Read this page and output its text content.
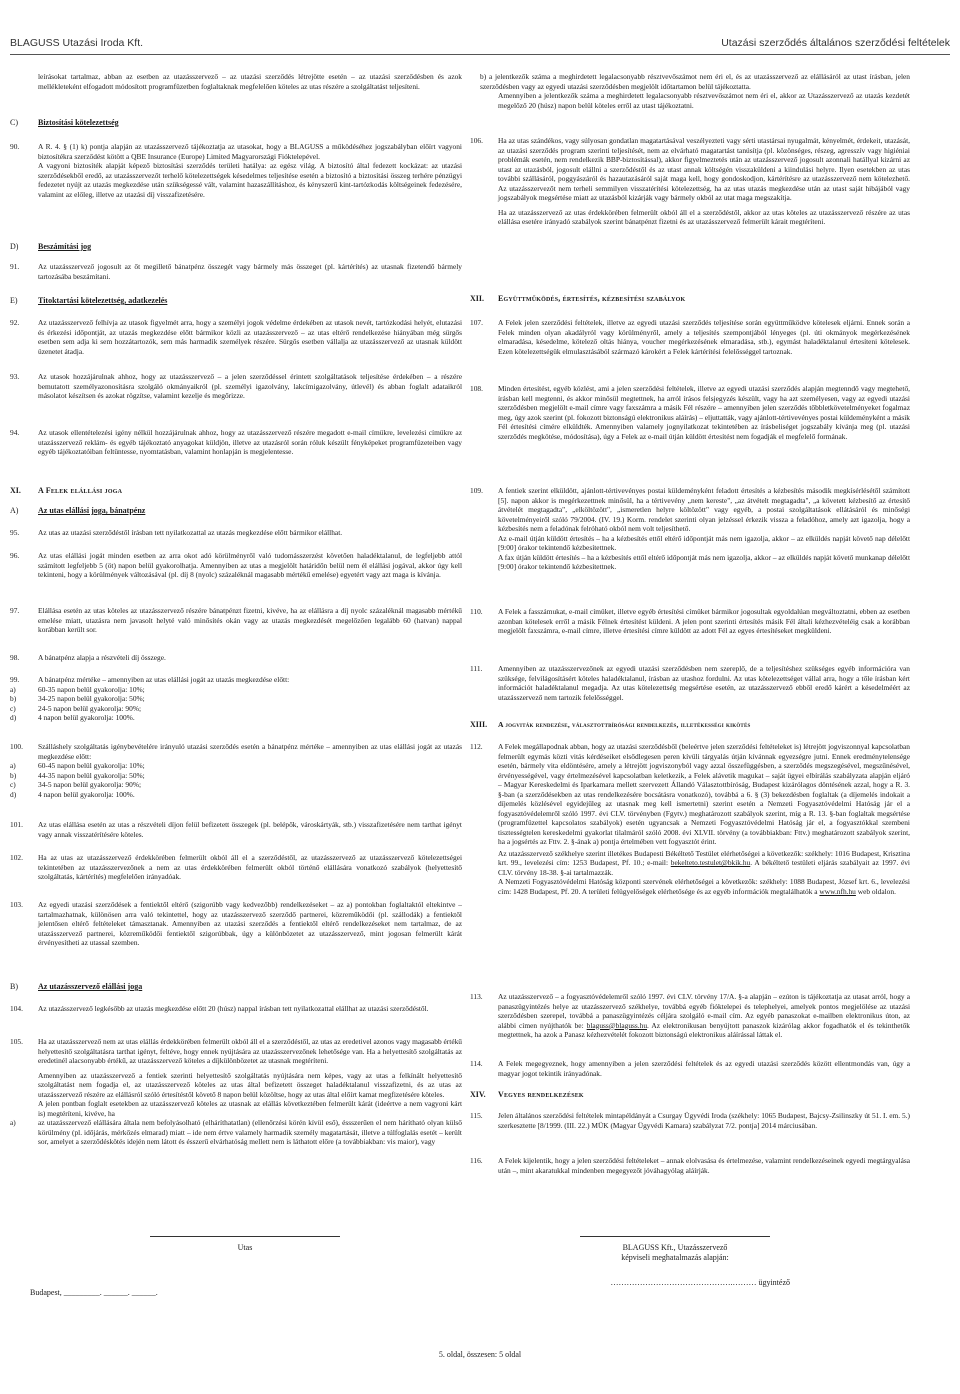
BLAGUSS Utazási Iroda Kft.	Utazási szerződés általános szerződési feltételek
leírásokat tartalmaz, abban az esetben az utazásszervező – az utazási szerződés létrejötte esetén – az utazási szerződésben és azok mellékleteként elfogadott módosított programfüzetben foglaltaknak megfelelően köteles az utas részére a szolgáltatást teljesíteni.
C)	Biztosítási kötelezettség
90.	A R. 4. § (1) k) pontja alapján az utazásszervező tájékoztatja az utasokat, hogy a BLAGUSS a működéséhez jogszabályban előírt vagyoni biztosítékra szerződést kötött a QBE Insurance (Europe) Limited Magyarországi Fióktelepével.
A vagyoni biztosíték alapját képező biztosítási szerződés területi hatálya: az egész világ. A biztosító által fedezett kockázat: az utazási szerződésekből eredő, az utazásszervezőt terhelő kötelezettségek késedelmes teljesítése esetén a biztosító a biztosítási összeg terhére pénzügyi fedezetet nyújt az utazás megkezdése után szükségessé vált, valamint hazaszállításhoz, és kényszerű kint-tartózkodás költségeinek fedezésére, valamint az előleg, illetve az utazási díj visszafizetésére.
D) Beszámítási jog
91.	Az utazásszervező jogosult az őt megillető bánatpénz összegét vagy bármely más összeget (pl. kártérítés) az utasnak fizetendő bármely tartozásába beszámítani.
E)	Titoktartási kötelezettség, adatkezelés
92.	Az utazásszervező felhívja az utasok figyelmét arra, hogy a személyi jogok védelme érdekében az utasok nevét, tartózkodási helyét, elutazási és érkezési időpontját, az utazás megkezdése előtt bármikor közli az utazásszervező – az utas eltérő rendelkezése hiányában még sürgős esetben sem adja ki sem hozzátartozók, sem más harmadik személyek részére. Sürgős esetben vállalja az utazásszervező az utasnak küldött üzenetet átadja.
93.	Az utasok hozzájárulnak ahhoz, hogy az utazásszervező – a jelen szerződéssel érintett szolgáltatások teljesítése érdekében – a részére bemutatott személyazonosításra szolgáló okmányaikról (pl. személyi igazolvány, lakcímigazolvány, útlevél) és abban foglalt adataikról másolatot készítsen és azokat rögzítse, valamint kezelje és megőrizze.
94.	Az utasok ellentételezési igény nélkül hozzájárulnak ahhoz, hogy az utazásszervező részére megadott e-mail címükre, levelezési címükre az utazásszervező reklám- és egyéb tájékoztató anyagokat küldjön, illetve az utazásról során róluk készült fényképeket programfüzeteiben vagy egyéb tájékoztatóiban feltüntesse, nyomtatásban, valamint honlapján is megjelentesse.
XI. A Felek elállási joga
A) Az utas elállási joga, bánatpénz
95.	Az utas az utazási szerződéstől írásban tett nyilatkozattal az utazás megkezdése előtt bármikor elállhat.
96.	Az utas elállási jogát minden esetben az arra okot adó körülményről való tudomásszerzést követően haladéktalanul, de legfeljebb attól számított legfeljebb 5 (öt) napon belül gyakorolhatja. Amennyiben az utas a megjelölt határidőn belül nem él elállási jogával, akkor úgy kell tekinteni, hogy a körülmények változásával (pl. díj 8 (nyolc) százaléknál magasabb mértékű emelése) egyetért vagy azt maga is kívánja.
97.	Elállása esetén az utas köteles az utazásszervező részére bánatpénzt fizetni, kivéve, ha az elállásra a díj nyolc százaléknál magasabb mértékű emelése miatt, utazásra nem javasolt helyté való minősítés okán vagy az utazás megkezdését megelőzően legalább 60 (hatvan) nappal korábban került sor.
98.	A bánatpénz alapja a részvételi díj összege.
99.	A bánatpénz mértéke – amennyiben az utas elállási jogát az utazás megkezdése előtt:
a)	60-35 napon belül gyakorolja: 10%;
b)	34-25 napon belül gyakorolja: 50%;
c)	24-5 napon belül gyakorolja: 90%;
d)	4 napon belül gyakorolja: 100%.
100.	Szálláshely szolgáltatás igénybevételére irányuló utazási szerződés esetén a bánatpénz mértéke – amennyiben az utas elállási jogát az utazás megkezdése előtt:
a)	60-45 napon belül gyakorolja: 10%;
b)	44-35 napon belül gyakorolja: 50%;
c)	34-5 napon belül gyakorolja: 90%;
d)	4 napon belül gyakorolja: 100%.
101.	Az utas elállása esetén az utas a részvételi díjon felül befizetett összegek (pl. belépők, városkártyák, stb.) visszafizetésére nem tarthat igényt vagy annak visszatérítésére köteles.
102.	Ha az utas az utazásszervező érdekkörében felmerült okból áll el a szerződéstől, az utazásszervező az utazásszervező kötelezettségei tekintetében az utazásszervezőnek a nem az utas érdekkörében felmerült okból történő elállására vonatkozó szabályok (helyettesítő szolgáltatás, kártérítés) megfelelően irányadóak.
103.	Az egyedi utazási szerződések a fentiektől eltérő (szigorúbb vagy kedvezőbb) rendelkezéseket – az a) pontokban foglaltaktól eltekintve – tartalmazhatnak, különösen arra való tekintettel, hogy az utazásszervező szerződő partnerei, közreműködői (pl. szállodák) a fentiektől jelentősen eltérő feltételeket támasztanak. Amennyiben az utazási szerződés a fentiektől eltérő rendelkezéseket nem tartalmaz, de az utazásszervező partnerei, közreműködői fentiektől szigorúbbak, úgy a különbözetet az utazásszervező, mint jogosan felmerült kárát érvényesítheti az utassal szemben.
B)	Az utazásszervező elállási joga
104.	Az utazásszervező legkésőbb az utazás megkezdése előtt 20 (húsz) nappal írásban tett nyilatkozattal elállhat az utazási szerződéstől.
105.	Ha az utazásszervező nem az utas elállás érdekkörében felmerült okból áll el a szerződéstől, az utas az eredetivel azonos vagy magasabb értékű helyettesítő szolgáltatásra tarthat igényt, feltéve, hogy ennek nyújtására az utazásszervezőnek lehetősége van. Ha a helyettesítő szolgáltatás az eredetinél alacsonyabb értékű, az utazásszervező köteles a díjkülönbözetet az utasnak megtéríteni.
Amennyiben az utazásszervező a fentiek szerinti helyettesítő szolgáltatás nyújtására nem képes, vagy az utas a felkínált helyettesítő szolgáltatást nem fogadja el, az utazásszervező köteles az utas által befizetett összeget haladéktalanul visszafizetni, és az utas az utazásszervező részére az elállásról szóló értesítéstől követő 8 napon belül közöltse, hogy az utas által előírt kamat megfizetésére köteles.
A jelen pontban foglalt esetekben az utazásszervező köteles az utasnak az elállás következtében felmerült kárát (ideértve a nem vagyoni kárt is) megtéríteni, kivéve, ha
a)	az utazásszervező elállására általa nem befolyásolható (elháríthatatlan) (ellenőrzési körén kívül eső), éssszerűen el nem hárítható olyan külső körülmény (pl. időjárás, mérkőzés elmarad) miatt – ide nem értve valamely harmadik személy magatartását, illetve a túlfoglalás esetét – került sor, amelyet a szerződéskötés idején nem látott és ésszerű elvárhatóság mellett nem is láthatott előre (a továbbiakban: vis maior), vagy
b) a jelentkezők száma a meghirdetett legalacsonyabb résztvevőszámot nem éri el, és az utazásszervező az elállásáról az utast írásban, jelen szerződésben vagy az egyedi utazási szerződésben megjelölt időtartamon belül tájékoztatta.
Amennyiben a jelentkezők száma a meghirdetett legalacsonyabb résztvevőszámot nem éri el, akkor az Utazásszervező az utazás kezdetét megelőző 20 (húsz) napon belül köteles erről az utast tájékoztatni.
106.	Ha az utas szándékos, vagy súlyosan gondatlan magatartásával veszélyezteti vagy sérti utastársai nyugalmát, kényelmét, érdekeit, utazását, az utazási szerződés program szerinti teljesítését, nem az elvárható magatartást tanúsítja (pl. közönséges, részeg, agresszív vagy higiéniai problémák esetén, nem rendelkezik BBP-biztosítással), akkor figyelmeztetés után az utazásszervező jogosult azonnali hatállyal kizárni az utast az utazásból, jogosult elállni a szerződéstől és az utast annak költségén visszaküldeni a kiindulási helyre. Ilyen esetekben az utas további szállásáról, poggyászáról és hazautazásáról saját maga kell, hogy gondoskodjon, kártérítésre az utazásszervező nem kötelezhető. Az utazásszervezőt nem terheli semmilyen visszatérítési kötelezettség, ha az utas utazás megkezdése után az utast saját hibájából vagy jogszabályok megsértése miatt az utazásból kizárják vagy bármely okból az utat maga megszakítja.
Ha az utazásszervező az utas érdekkörében felmerült okból áll el a szerződéstől, akkor az utas köteles az utazásszervező részére az utas elállása esetére irányadó szabályok szerint bánatpénzt fizetni és az utazásszervező felmerült kárait megtéríteni.
XII. Együttműködés, értesítés, kézbesítési szabályok
107.	A Felek jelen szerződési feltételek, illetve az egyedi utazási szerződés teljesítése során együttműködve kötelesek eljárni. Ennek során a Felek minden olyan akadályról vagy körülményről, amely a teljesítés szempontjából lényeges (pl. úti okmányok megérkezésének elmaradása, késedelme, kötelező oltás hiánya, voucher megérkezésének elmaradása, stb.), egymást haladéktalanul értesíteni kötelesek. Ezen kötelezettségük elmulasztásából származó károkért a Felek kártérítési felelősséggel tartoznak.
108.	Minden értesítést, egyéb közlést, ami a jelen szerződési feltételek, illetve az egyedi utazási szerződés alapján megtenndő vagy megtehető, írásban kell megtenni, és akkor minősül megtettnek, ha arról írásos felsjegyzés készült, vagy ha azt személyesen, vagy az egyedi utazási szerződésben megjelölt e-mail címre vagy faxszámra a másik Fél részére – amennyiben jelen szerződés tőbbletkövetelményeket fogalmaz meg, úgy azok szerint (pl. fokozott biztonságú elektronikus aláírás) – eljuttatták, vagy ajánlott-tértivevényes postai küldeményként a másik Fél értesítési címére elküldték. Amennyiben valamely jognyilatkozat tekintetében az írásbeliséget jogszabály kívánja meg (pl. utazási szerződés megkötése, módosítása), úgy a Felek az e-mail útján küldött értesítést nem fogadják el megfelelő formának.
109.	A fentiek szerint elküldött, ajánlott-tértivevényes postai küldeményként feladott értesítés a kézbesítés második megkísérlésétől számított [5]. napon akkor is megérkezettnek minősül, ha a tértivevény „nem kereste", „az átvételt megtagadta", „a követett kézbesítő az értesítő átvételét megtagadta", „elköltözött", „ismeretlen helyre költözött" vagy egyéb, a postai szolgáltatások ellátásáról és minőségi követelményeiről szóló 79/2004. (IV. 19.) Korm. rendelet szerinti olyan jelzéssel érkezik vissza a feladóhoz, amely azt igazolja, hogy a kézbesítés nem a feladónak felróható okból nem volt teljesíthető.
Az e-mail útján küldött értesítés – ha a kézbesítés ettől eltérő időpontját más nem igazolja, akkor – az elküldés napját követő nap délelőtt [9:00] órakor tekintendő kézbesítettnek.
A fax útján küldött értesítés – ha a kézbesítés ettől eltérő időpontját más nem igazolja, akkor – az elküldés napját követő munkanap délelőtt [9:00] órakor tekintendő kézbesítettnek.
110.	A Felek a fasszámukat, e-mail címüket, illetve egyéb értesítési címüket bármikor jogosultak egyoldalúan megváltoztatni, ebben az esetben azonban kötelesek erről a másik Félnek értesítést küldeni. A jelen pont szerinti értesítés másik Fél általi kézhezvételéig csak a korábban megjelölt faxszámra, e-mail címre, illetve értesítési címre küldött az adott Fél az egyes értesítéseket megküldeni.
111.	Amennyiben az utazásszervezőnek az egyedi utazási szerződésben nem szereplő, de a teljesítéshez szükséges egyéb információra van szüksége, felvilágosításért köteles haladéktalanul, írásban az utashoz fordulni. Az utas kötelezettséget vállal arra, hogy a tőle írásban kért információt haladéktalanul megadja. Az utas kötelezettség megsértése esetén, az utazásszervező ebből eredő kárért a késedelméért az utazásszervező nem tartozik felelősséggel.
XIII. A jogviták rendezése, választottbírósági rendelkezés, illetékességi kikötés
112.	A Felek megállapodnak abban, hogy az utazási szerződésből (beleértve jelen szerződési feltételeket is) létrejött jogviszonnyal kapcsolatban felmerült egymás közti vitás kérdéseiket elsődlegesen peren kívüli tárgyalás útján kívánnak egyezségre jutni. Ennek eredménytelensége esetén, bármely vita eldöntésére, amely a létrejött jogviszonyból vagy azzal összefüggésben, a szerződés megszegésével, megszűnésével, érvényességével, vagy értelmezésével kapcsolatban keletkezik, a Felek alávetik magukat – saját ügyei elbírálás szabályzata alapján eljáró – Magyar Kereskedelmi és Iparkamara mellett szervezett Állandó Választottbíróság, Budapest kizárólagos döntésének azzal, hogy a R. 3. §-ban (a szerződésekben az utas rendelkezésére bocsátásra vonatkozó), továbbá a 6. § (3) bekezdésben foglaltak (a díjemelés indokait a díjemelés közlésével egyidejűleg az utasnak meg kell ismertetni) szerint esetén a Nemzeti Fogyasztóvédelmi Hatóság jár el a fogyasztóvédelemről szóló 1997. évi CLV. törvényben (Fgytv.) meghatározott szabályok szerint, míg a R. 13. §-ban foglaltak megsértése (programfüzettel kapcsolatos szabályok) esetén ugyancsak a Nemzeti Fogyasztóvédelmi Hatóság jár el, a fogyasztókkal szembeni tisztességtelen kereskedelmi gyakorlat tilalmáról szóló 2008. évi XLVII. törvény (a továbbiakban: Fttv.) meghatározott szabályok szerint, ha a jogsértés az Fttv. 2. §-ának a) pontja értelmében vett fogyasztót érint.
Az utazásszervező székhelye szerint illetékes Budapesti Békéltető Testület elérhetőségei a következők: székhely: 1016 Budapest, Krisztina krt. 99., levelezési cím: 1253 Budapest, Pf. 10.; e-mail: bekelteto.testulet@bkik.hu. A békéltető testületi eljárás szabályait az 1997. évi CLV. törvény 18-38. §-ai tartalmazzák.
A Nemzeti Fogyasztóvédelmi Hatóság központi szervének elérhetőségei a következők: székhely: 1088 Budapest, József krt. 6., levelezési cím: 1428 Budapest, Pf. 20. A területi felügyelőségek elérhetősége és az egyéb információk megtalálhatók a www.nfh.hu web oldalon.
113.	Az utazásszervező – a fogyasztóvédelemről szóló 1997. évi CLV. törvény 17/A. §-a alapján – ezúton is tájékoztatja az utasat arról, hogy a panaszügyintézés helye az utazásszervező székhelye, továbbá egyéb fióktelepei és telephelyei, amelyek pontos megjelölése az utazási szerződésben szerepel, továbbá a panaszügyintézés céljára szolgáló e-mail cím. Az egyéb panaszokat e-mailben elektronikus úton, az alábbi címen nyújthatók be: blaguss@blaguss.hu. Az elektronikusan benyújtott panaszok kizárólag akkor fogadhatók el és tekinthetők megtettnek, ha azok a Panasz kézhezvételét fokozott biztonságú elektronikus aláírással láttak el.
114.	A Felek megegyeznek, hogy amennyiben a jelen szerződési feltételek és az egyedi utazási szerződés között ellentmondás van, úgy a magyar jogot tekintik irányadónak.
XIV. Vegyes rendelkezések
115.	Jelen általános szerződési feltételek mintapéldányát a Csurgay Ügyvédi Iroda (székhely: 1065 Budapest, Bajcsy-Zsilinszky út 51. I. em. 5.) szerkesztette [8/1999. (III. 22.) MÜK (Magyar Ügyvédi Kamara) szabályzat 7/2. pontja] 2014 márciusában.
116.	A Felek kijelentik, hogy a jelen szerződési feltételeket – annak elolvasása és értelmezése, valamint rendelkezéseinek egyedi megtárgyalása után –, mint akaratukkal mindenben megegyezőt jóváhagyólag aláírják.
Utas	BLAGUSS Kft., Utazásszervező
képviseli meghatalmazás alapján:
……………………………………….……… ügyintéző
Budapest, _________. ______. ______.
5. oldal, összesen: 5 oldal
